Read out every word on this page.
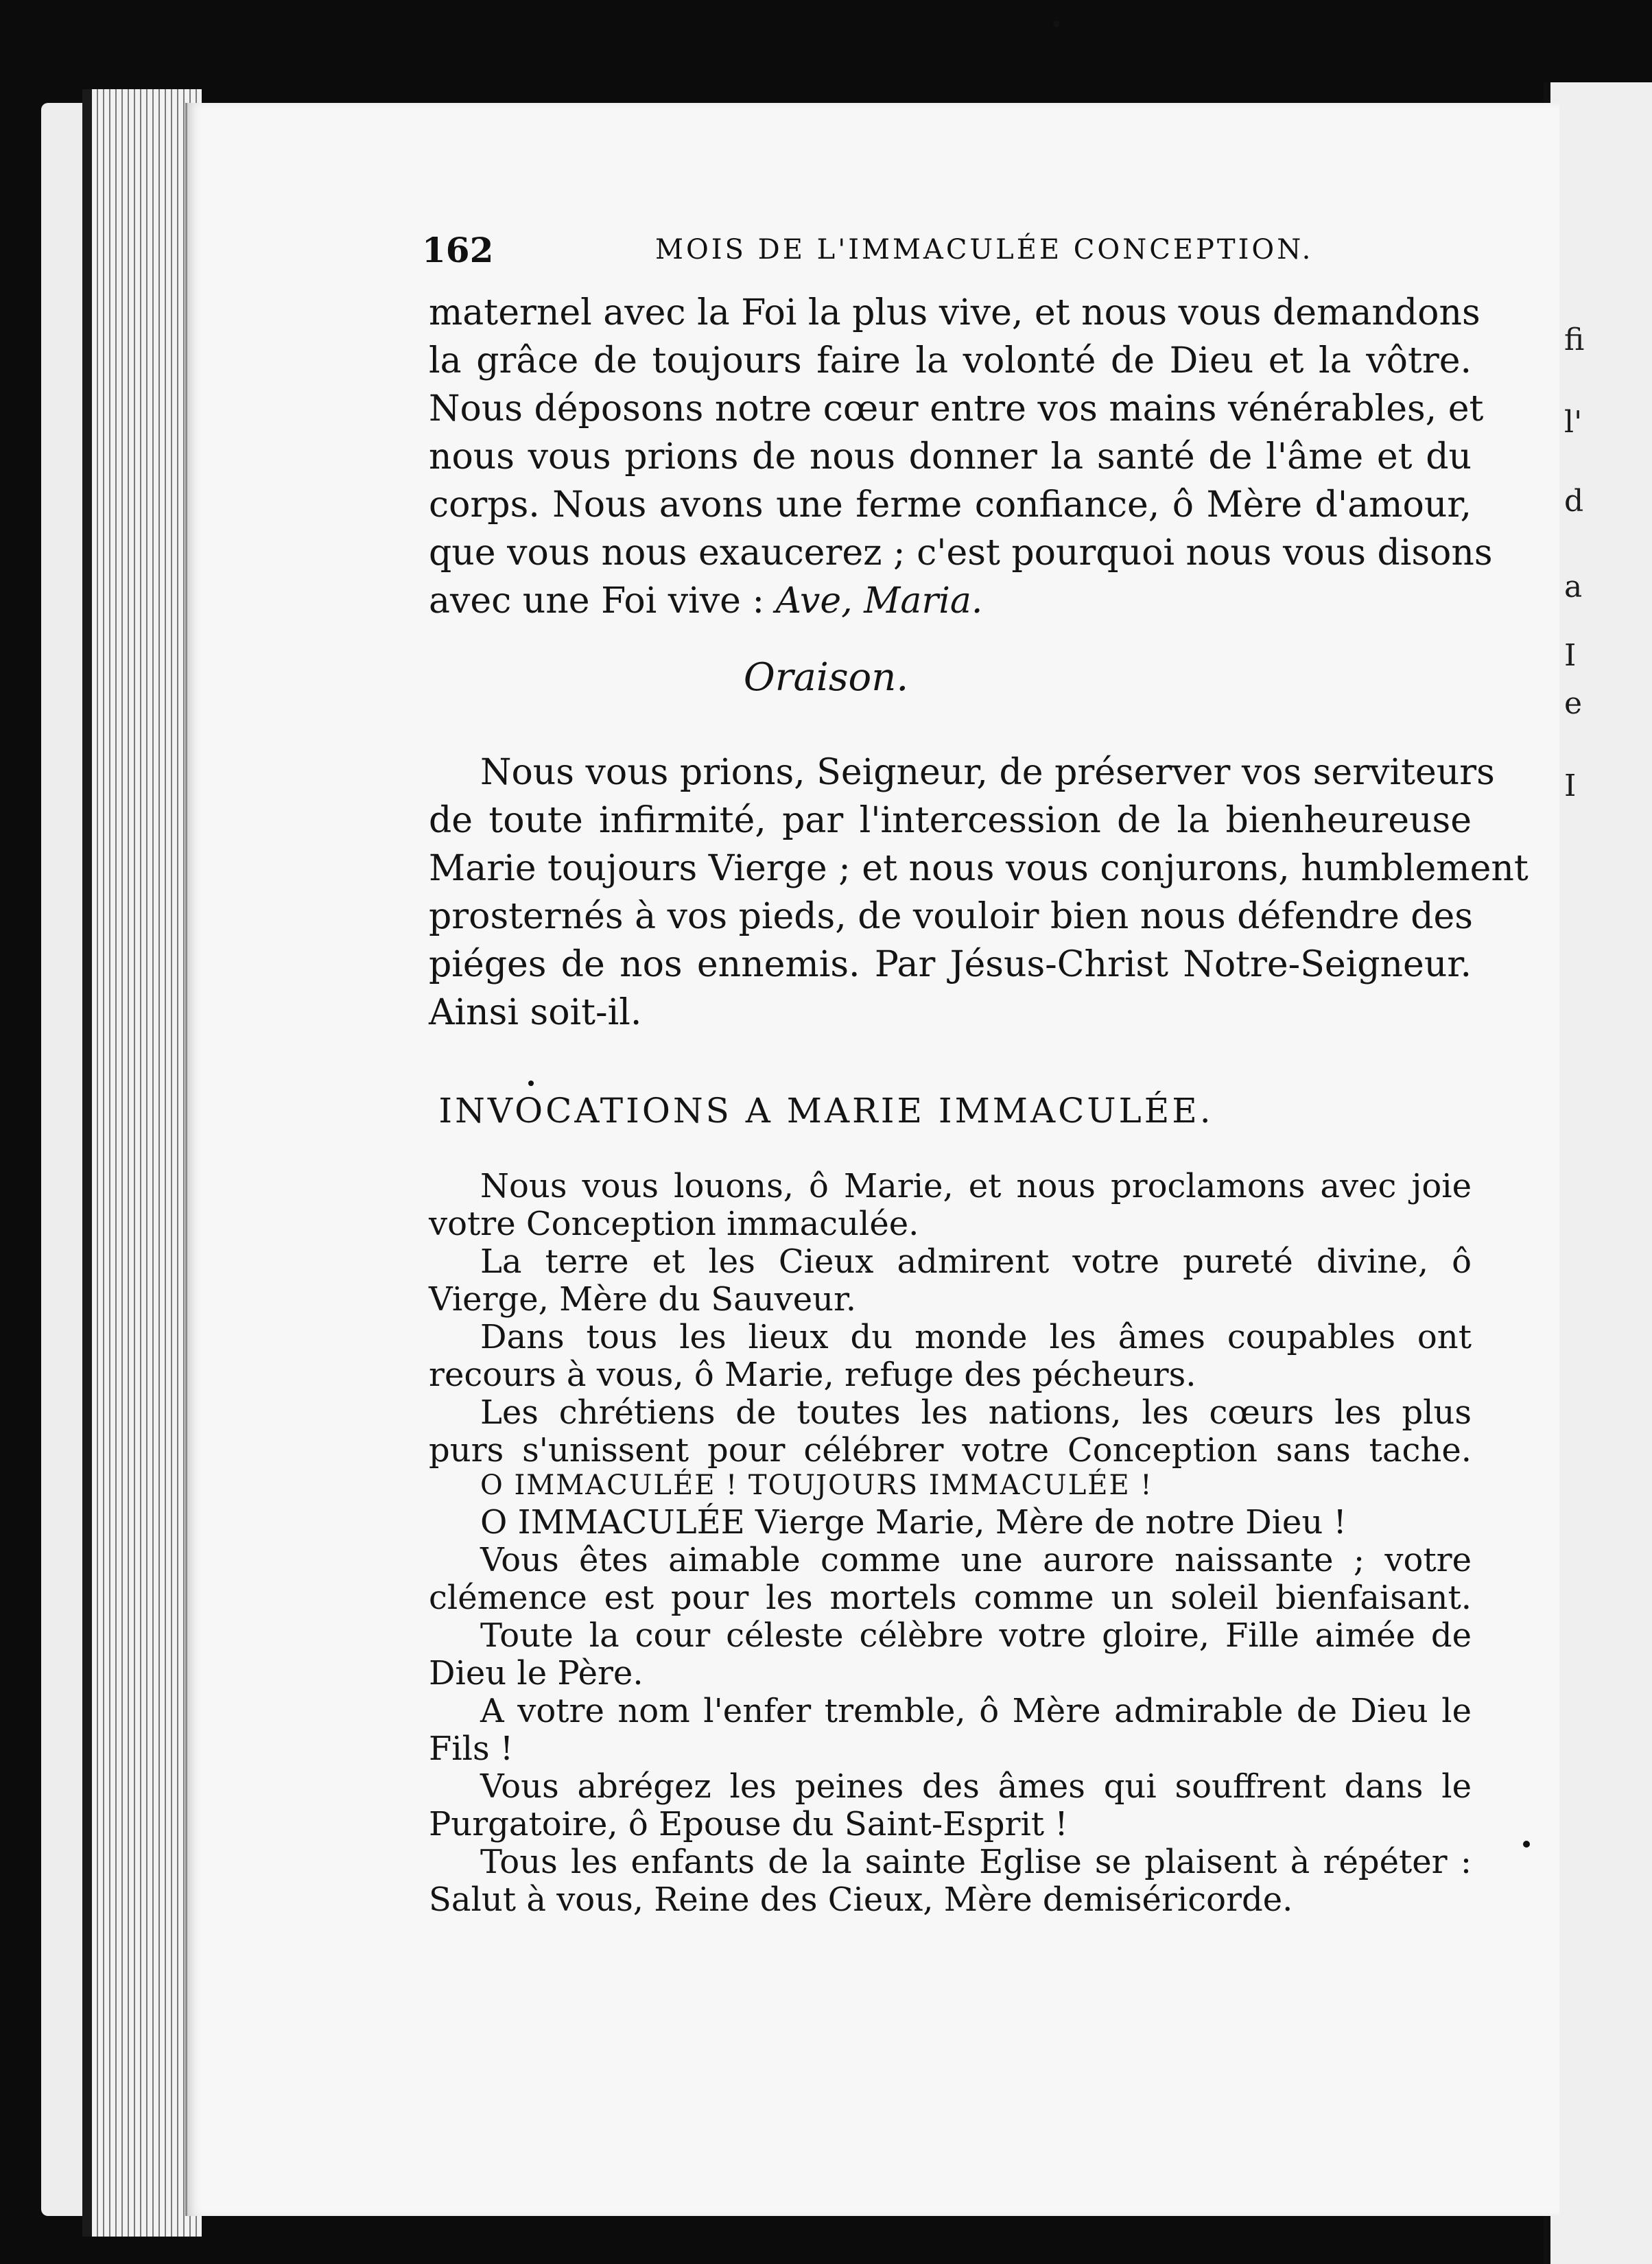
fi
l'
d
a
I
e
I
162	MOIS DE L'IMMACULÉE CONCEPTION.
maternel avec la Foi la plus vive, et nous vous demandons
la grâce de toujours faire la volonté de Dieu et la vôtre.
Nous déposons notre cœur entre vos mains vénérables, et
nous vous prions de nous donner la santé de l'âme et du
corps. Nous avons une ferme confiance, ô Mère d'amour,
que vous nous exaucerez ; c'est pourquoi nous vous disons
avec une Foi vive : Ave, Maria.
Oraison.
Nous vous prions, Seigneur, de préserver vos serviteurs
de toute infirmité, par l'intercession de la bienheureuse
Marie toujours Vierge ; et nous vous conjurons, humblement
prosternés à vos pieds, de vouloir bien nous défendre des
piéges de nos ennemis. Par Jésus-Christ Notre-Seigneur.
Ainsi soit-il.
INVOCATIONS A MARIE IMMACULÉE.
Nous vous louons, ô Marie, et nous proclamons avec joie
votre Conception immaculée.
La terre et les Cieux admirent votre pureté divine, ô
Vierge, Mère du Sauveur.
Dans tous les lieux du monde les âmes coupables ont
recours à vous, ô Marie, refuge des pécheurs.
Les chrétiens de toutes les nations, les cœurs les plus
purs s'unissent pour célébrer votre Conception sans tache.
O IMMACULÉE ! TOUJOURS IMMACULÉE !
O IMMACULÉE Vierge Marie, Mère de notre Dieu !
Vous êtes aimable comme une aurore naissante ; votre
clémence est pour les mortels comme un soleil bienfaisant.
Toute la cour céleste célèbre votre gloire, Fille aimée de
Dieu le Père.
A votre nom l'enfer tremble, ô Mère admirable de Dieu le
Fils !
Vous abrégez les peines des âmes qui souffrent dans le
Purgatoire, ô Epouse du Saint-Esprit !
Tous les enfants de la sainte Eglise se plaisent à répéter :
Salut à vous, Reine des Cieux, Mère demiséricorde.
